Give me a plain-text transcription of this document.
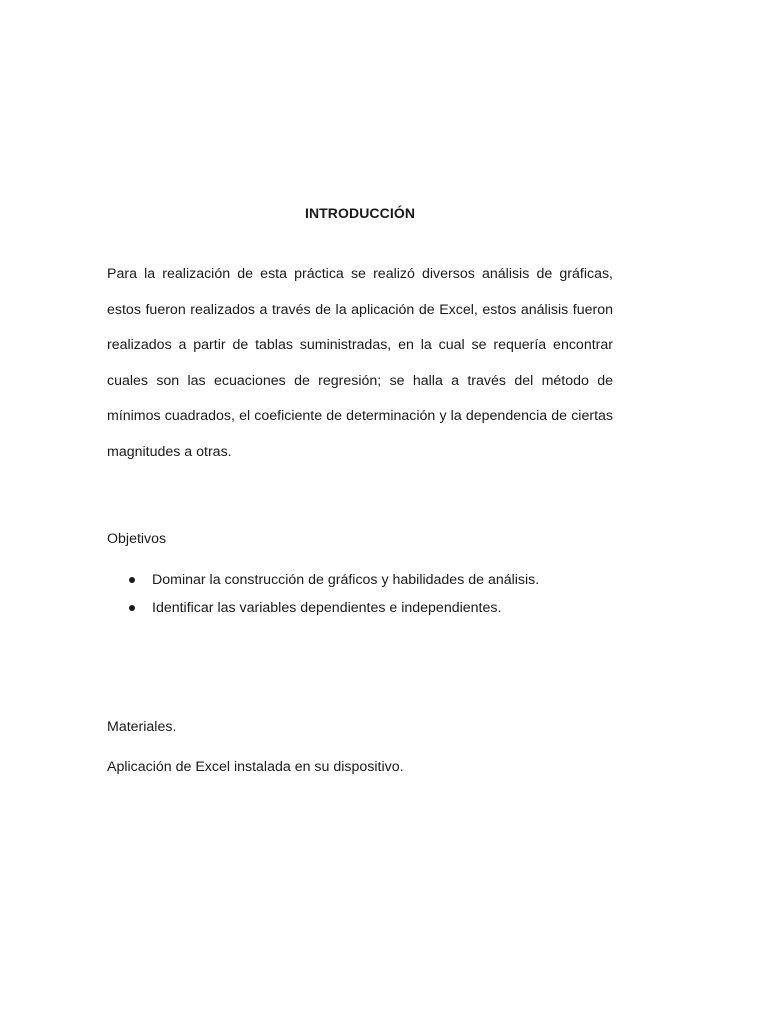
INTRODUCCIÓN

Para la realización de esta práctica se realizó diversos análisis de gráficas, estos fueron realizados a través de la aplicación de Excel, estos análisis fueron realizados a partir de tablas suministradas, en la cual se requería encontrar cuales son las ecuaciones de regresión; se halla a través del método de mínimos cuadrados, el coeficiente de determinación y la dependencia de ciertas magnitudes a otras.

Objetivos
Dominar la construcción de gráficos y habilidades de análisis.
Identificar las variables dependientes e independientes.
Materiales.

Aplicación de Excel instalada en su dispositivo.
